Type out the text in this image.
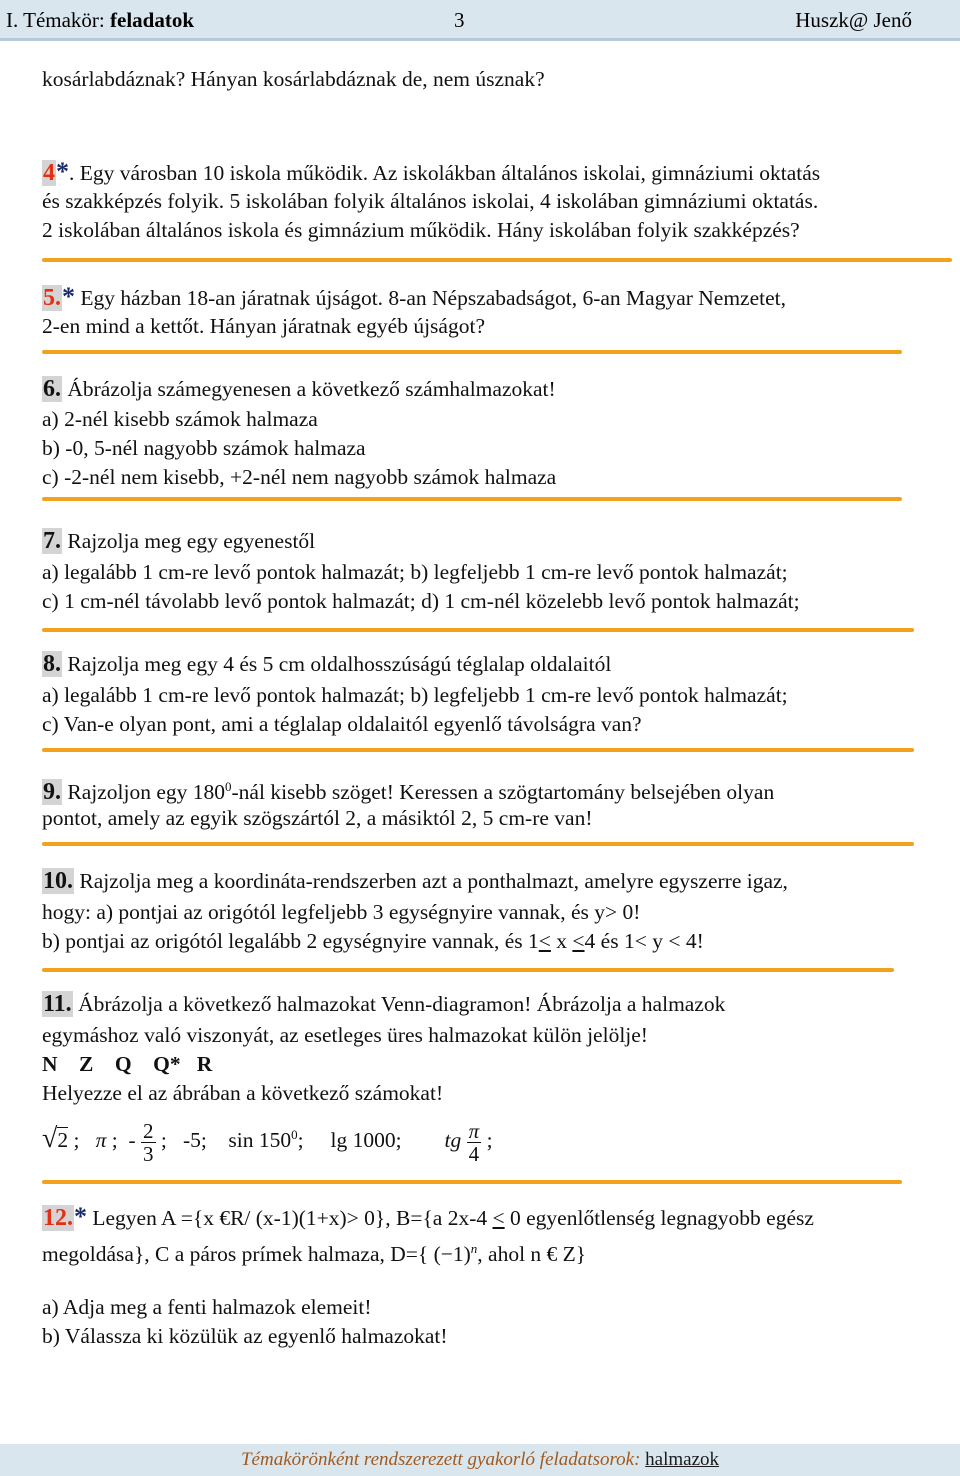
I. Témakör: feladatok	3	Huszk@ Jenő
kosárlabdáznak? Hányan kosárlabdáznak de, nem úsznak?
4*. Egy városban 10 iskola működik. Az iskolákban általános iskolai, gimnáziumi oktatás
és szakképzés folyik. 5 iskolában folyik általános iskolai, 4 iskolában gimnáziumi oktatás.
2 iskolában általános iskola és gimnázium működik. Hány iskolában folyik szakképzés?
5.* Egy házban 18-an járatnak újságot. 8-an Népszabadságot, 6-an Magyar Nemzetet,
2-en mind a kettőt. Hányan járatnak egyéb újságot?
6. Ábrázolja számegyenesen a következő számhalmazokat!
a) 2-nél kisebb számok halmaza
b) -0, 5-nél nagyobb számok halmaza
c) -2-nél nem kisebb, +2-nél nem nagyobb számok halmaza
7. Rajzolja meg egy egyenestől
a) legalább 1 cm-re levő pontok halmazát; b) legfeljebb 1 cm-re levő pontok halmazát;
c) 1 cm-nél távolabb levő pontok halmazát; d) 1 cm-nél közelebb levő pontok halmazát;
8. Rajzolja meg egy 4 és 5 cm oldalhosszúságú téglalap oldalaitól
a) legalább 1 cm-re levő pontok halmazát; b) legfeljebb 1 cm-re levő pontok halmazát;
c) Van-e olyan pont, ami a téglalap oldalaitól egyenlő távolságra van?
9. Rajzoljon egy $180^0$-nál kisebb szöget! Keressen a szögtartomány belsejében olyan
pontot, amely az egyik szögszártól 2, a másiktól 2, 5 cm-re van!
10. Rajzolja meg a koordináta-rendszerben azt a ponthalmazt, amelyre egyszerre igaz,
hogy: a) pontjai az origótól legfeljebb 3 egységnyire vannak, és y> 0!
b) pontjai az origótól legalább 2 egységnyire vannak, és 1≤ x ≤4 és 1< y < 4!
11. Ábrázolja a következő halmazokat Venn-diagramon! Ábrázolja a halmazok
egymáshoz való viszonyát, az esetleges üres halmazokat külön jelölje!
N    Z    Q    Q*   R
Helyezze el az ábrában a következő számokat!
√2 ; π ; - $\frac{2}{3}$ ;   -5;    $\sin 150^0$;     lg 1000; tg $\frac{\pi}{4}$ ;
12.* Legyen A ={x €R/ (x-1)(1+x)> 0}, B={a 2x-4 ≤ 0 egyenlőtlenség legnagyobb egész
megoldása}, C a páros prímek halmaza, D={ $(-1)^n$, ahol n € Z}
a) Adja meg a fenti halmazok elemeit!
b) Válassza ki közülük az egyenlő halmazokat!
Témakörönként rendszerezett gyakorló feladatsorok: halmazok
